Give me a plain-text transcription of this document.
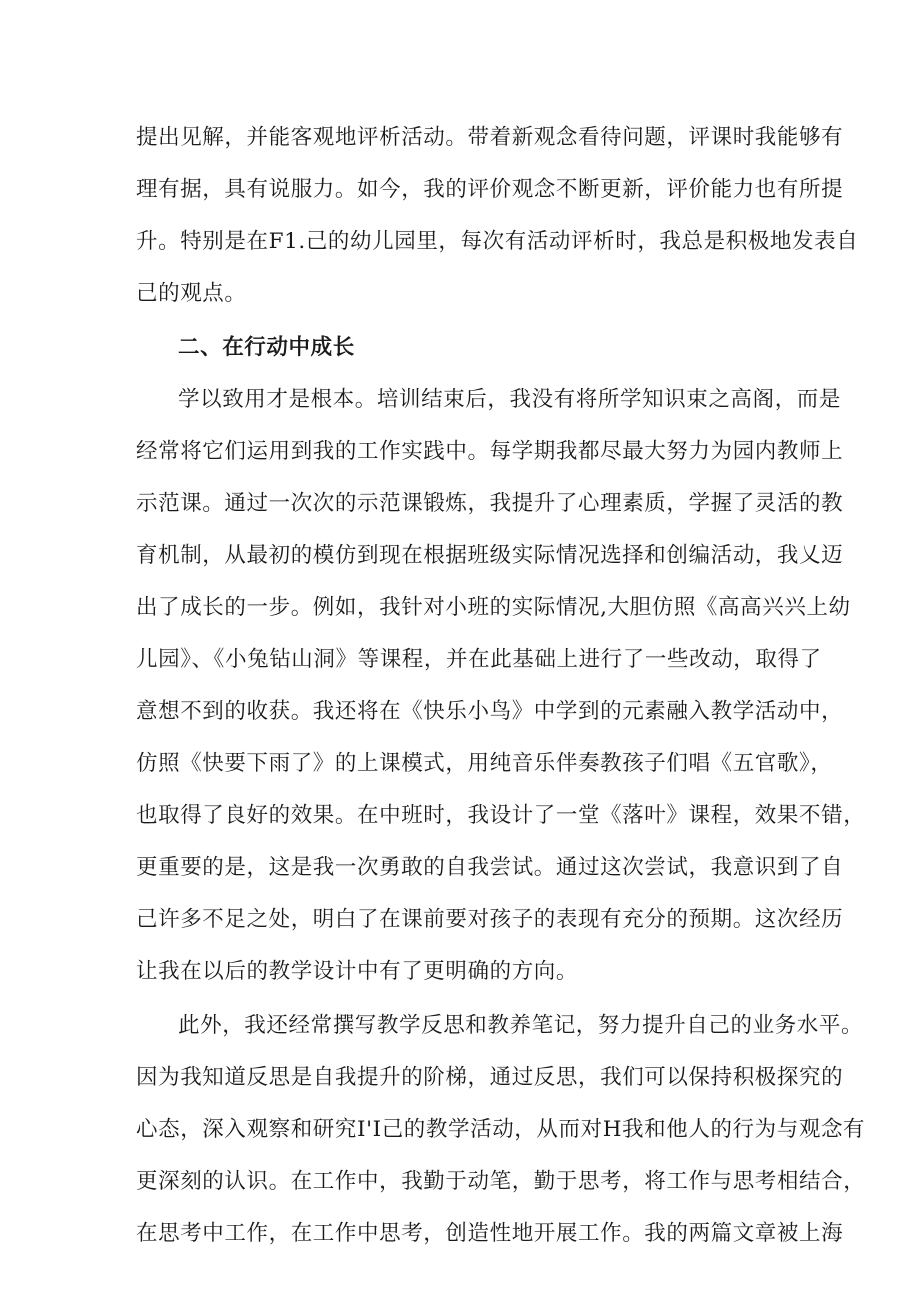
提出见解，并能客观地评析活动。带着新观念看待问题，评课时我能够有
理有据，具有说服力。如今，我的评价观念不断更新，评价能力也有所提
升。特别是在F1.己的幼儿园里，每次有活动评析时，我总是积极地发表自
己的观点。
二、在行动中成长
学以致用才是根本。培训结束后，我没有将所学知识束之高阁，而是
经常将它们运用到我的工作实践中。每学期我都尽最大努力为园内教师上
示范课。通过一次次的示范课锻炼，我提升了心理素质，学握了灵活的教
育机制，从最初的模仿到现在根据班级实际情况选择和创编活动，我乂迈
出了成长的一步。例如，我针对小班的实际情况,大胆仿照《高高兴兴上幼
儿园》、《小兔钻山洞》等课程，并在此基础上进行了一些改动，取得了
意想不到的收获。我还将在《快乐小鸟》中学到的元素融入教学活动中，
仿照《快要下雨了》的上课模式，用纯音乐伴奏教孩子们唱《五官歌》，
也取得了良好的效果。在中班时，我设计了一堂《落叶》课程，效果不错，
更重要的是，这是我一次勇敢的自我尝试。通过这次尝试，我意识到了自
己许多不足之处，明白了在课前要对孩子的表现有充分的预期。这次经历
让我在以后的教学设计中有了更明确的方向。
此外，我还经常撰写教学反思和教养笔记，努力提升自己的业务水平。
因为我知道反思是自我提升的阶梯，通过反思，我们可以保持积极探究的
心态，深入观察和研究I'I己的教学活动，从而对H我和他人的行为与观念有
更深刻的认识。在工作中，我勤于动笔，勤于思考，将工作与思考相结合，
在思考中工作，在工作中思考，创造性地开展工作。我的两篇文章被上海
